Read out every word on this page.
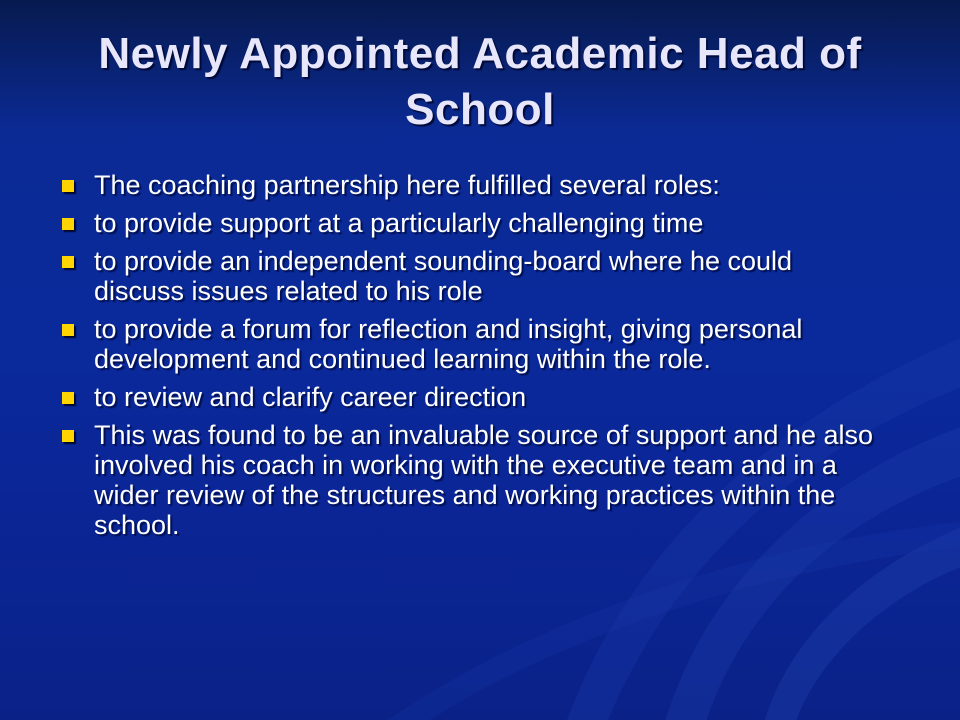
Newly Appointed Academic Head of School
The coaching partnership here fulfilled several roles:
to provide support at a particularly challenging time
to provide an independent sounding-board where he could discuss issues related to his role
to provide a forum for reflection and insight, giving personal development and continued learning within the role.
to review and clarify career direction
This was found to be an invaluable source of support and he also involved his coach in working with the executive team and in a wider review of the structures and working practices within the school.
